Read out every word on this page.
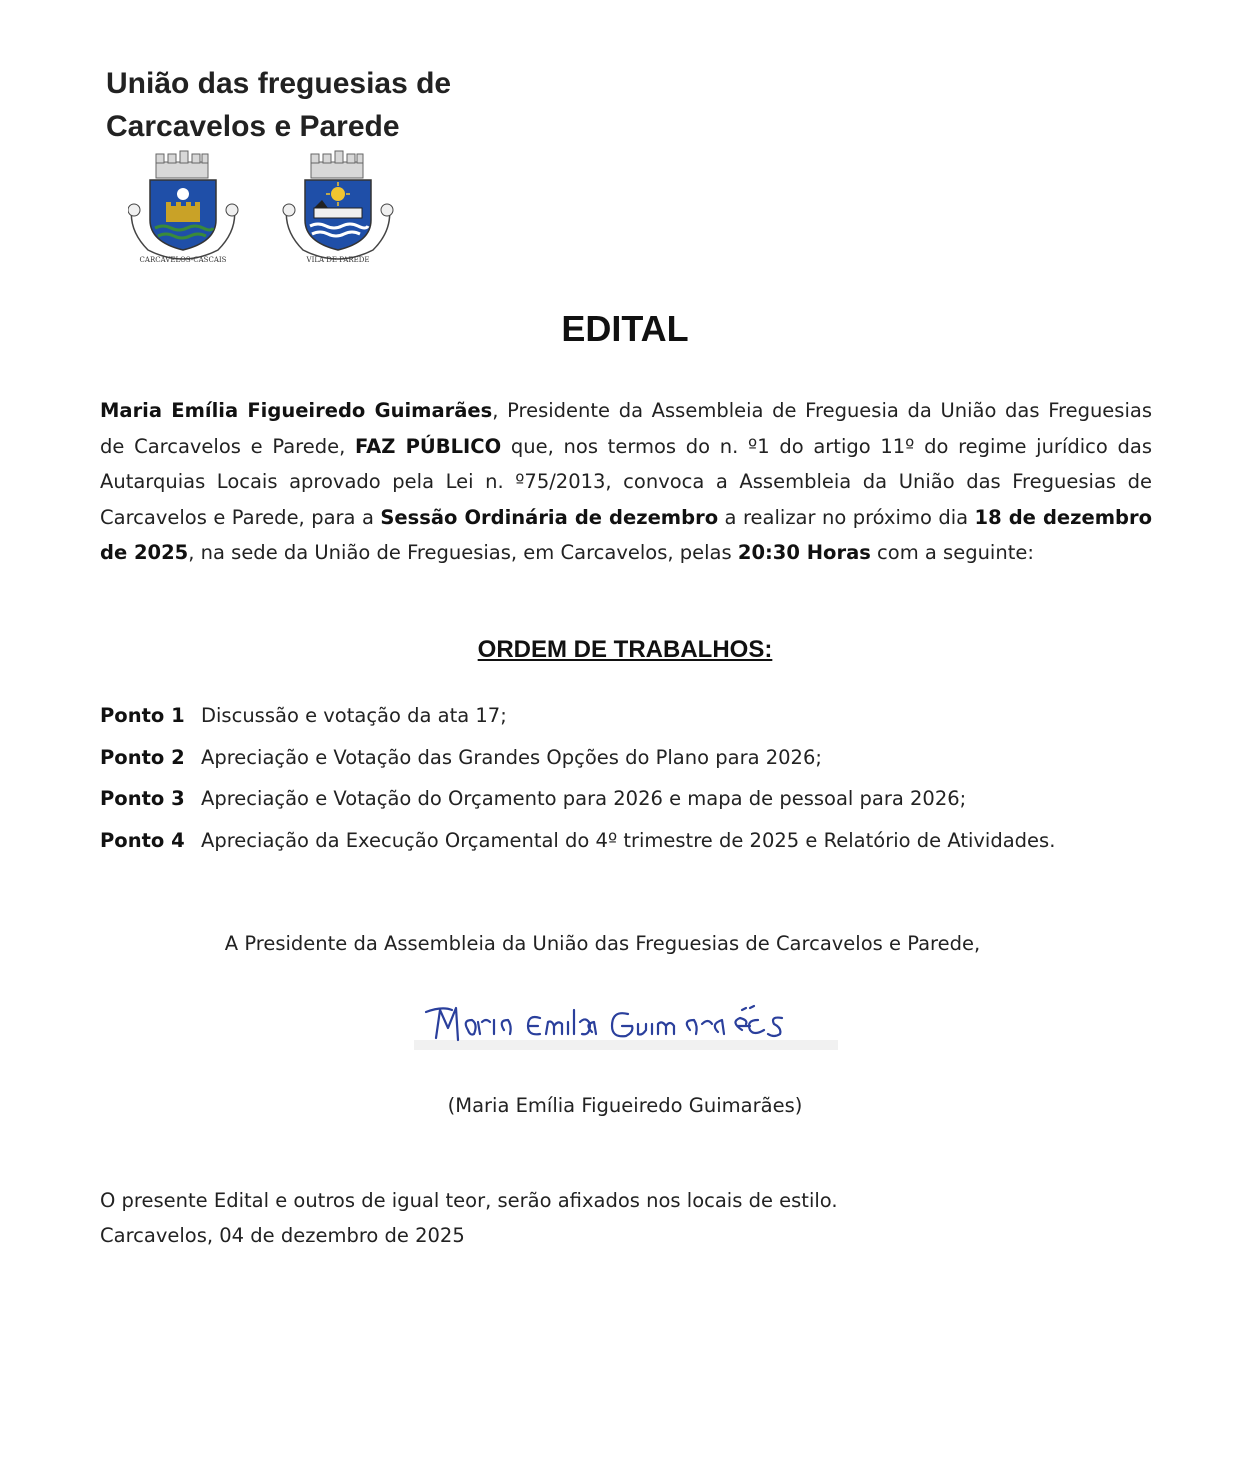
União das freguesias de
Carcavelos e Parede
CARCAVELOS-CASCAIS	VILA DE PAREDE
EDITAL

Maria Emília Figueiredo Guimarães, Presidente da Assembleia de Freguesia da União das Freguesias de Carcavelos e Parede, FAZ PÚBLICO que, nos termos do n. º1 do artigo 11º do regime jurídico das Autarquias Locais aprovado pela Lei n. º75/2013, convoca a Assembleia da União das Freguesias de Carcavelos e Parede, para a Sessão Ordinária de dezembro a realizar no próximo dia 18 de dezembro de 2025, na sede da União de Freguesias, em Carcavelos, pelas 20:30 Horas com a seguinte:

ORDEM DE TRABALHOS:
Ponto 1 Discussão e votação da ata 17;
Ponto 2 Apreciação e Votação das Grandes Opções do Plano para 2026;
Ponto 3 Apreciação e Votação do Orçamento para 2026 e mapa de pessoal para 2026;
Ponto 4 Apreciação da Execução Orçamental do 4º trimestre de 2025 e Relatório de Atividades.

A Presidente da Assembleia da União das Freguesias de Carcavelos e Parede,

(Maria Emília Figueiredo Guimarães)

O presente Edital e outros de igual teor, serão afixados nos locais de estilo.
Carcavelos, 04 de dezembro de 2025
